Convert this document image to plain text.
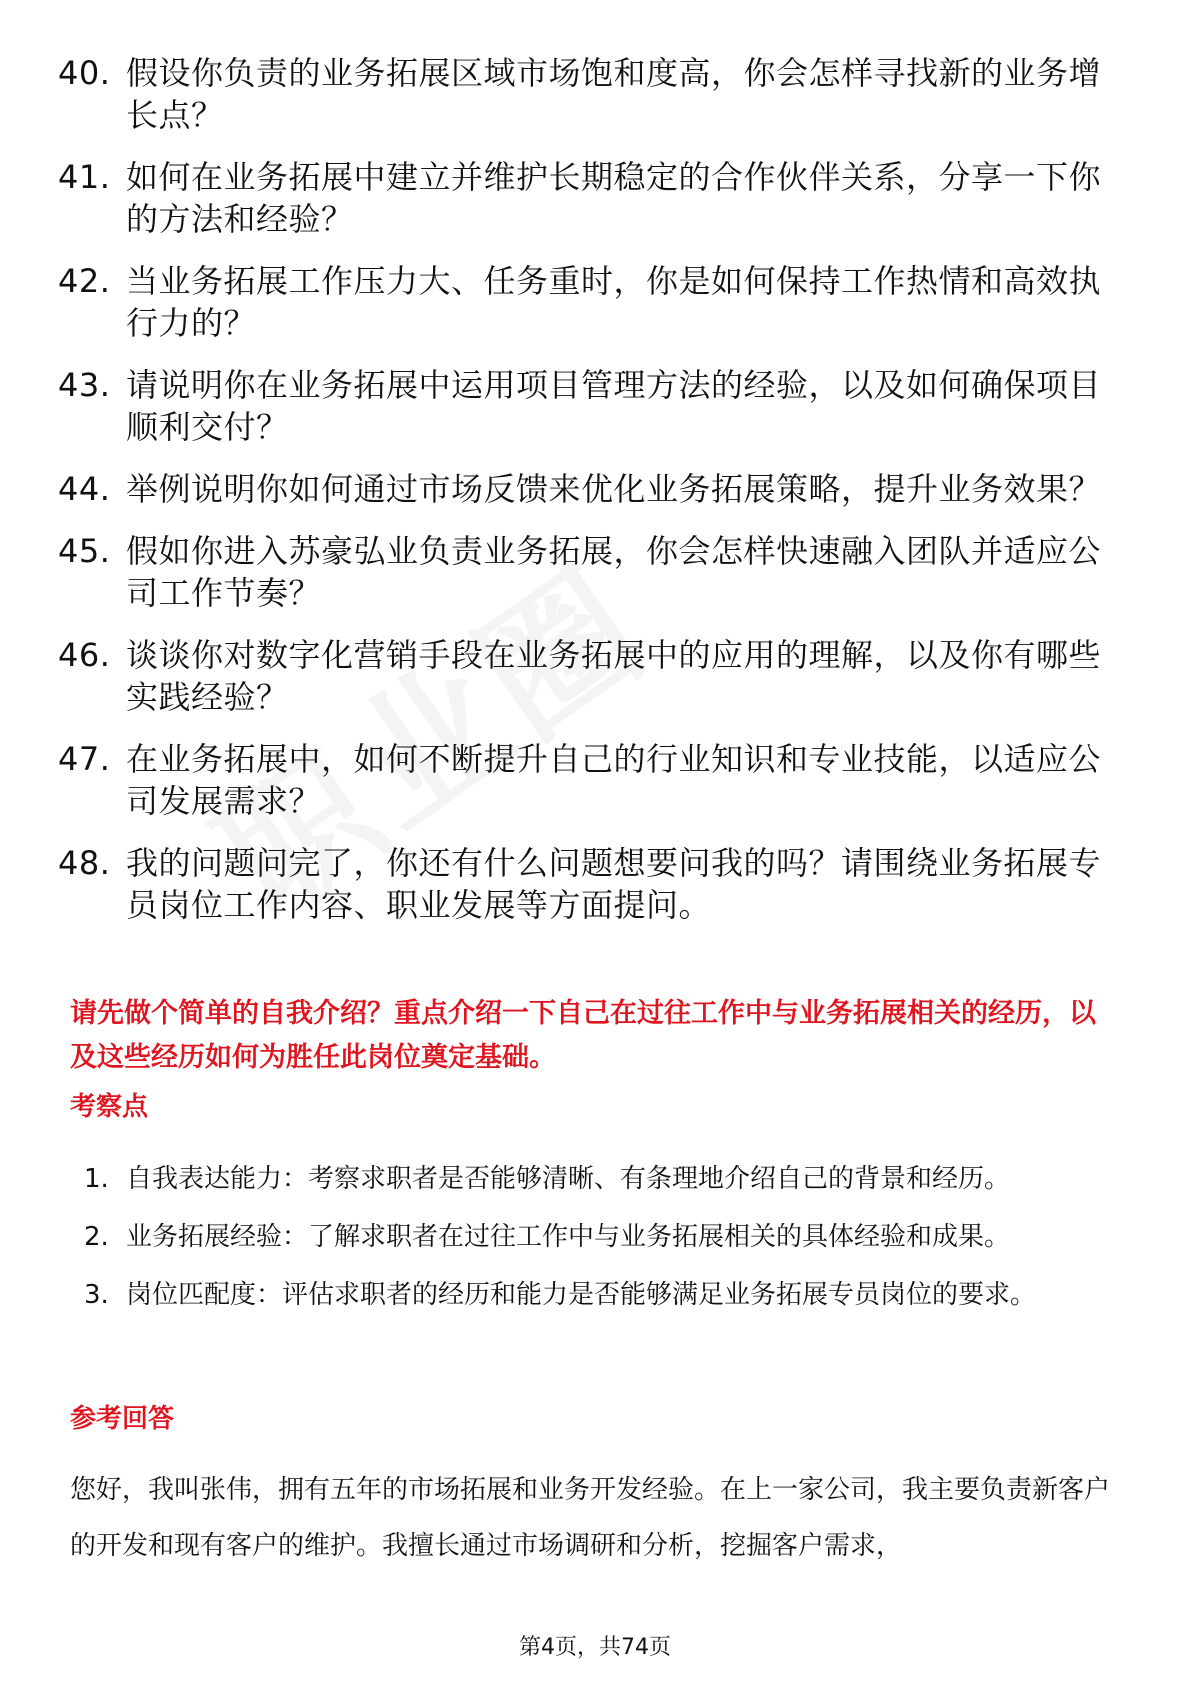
40. 假设你负责的业务拓展区域市场饱和度高，你会怎样寻找新的业务增长点？
41. 如何在业务拓展中建立并维护长期稳定的合作伙伴关系，分享一下你的方法和经验？
42. 当业务拓展工作压力大、任务重时，你是如何保持工作热情和高效执行力的？
43. 请说明你在业务拓展中运用项目管理方法的经验，以及如何确保项目顺利交付？
44. 举例说明你如何通过市场反馈来优化业务拓展策略，提升业务效果？
45. 假如你进入苏豪弘业负责业务拓展，你会怎样快速融入团队并适应公司工作节奏？
46. 谈谈你对数字化营销手段在业务拓展中的应用的理解，以及你有哪些实践经验？
47. 在业务拓展中，如何不断提升自己的行业知识和专业技能，以适应公司发展需求？
48. 我的问题问完了，你还有什么问题想要问我的吗？请围绕业务拓展专员岗位工作内容、职业发展等方面提问。

请先做个简单的自我介绍？重点介绍一下自己在过往工作中与业务拓展相关的经历，以及这些经历如何为胜任此岗位奠定基础。

考察点
1. 自我表达能力：考察求职者是否能够清晰、有条理地介绍自己的背景和经历。
2. 业务拓展经验：了解求职者在过往工作中与业务拓展相关的具体经验和成果。
3. 岗位匹配度：评估求职者的经历和能力是否能够满足业务拓展专员岗位的要求。
参考回答

您好，我叫张伟，拥有五年的市场拓展和业务开发经验。在上一家公司，我主要负责新客户的开发和现有客户的维护。我擅长通过市场调研和分析，挖掘客户需求，

第4页，共74页
